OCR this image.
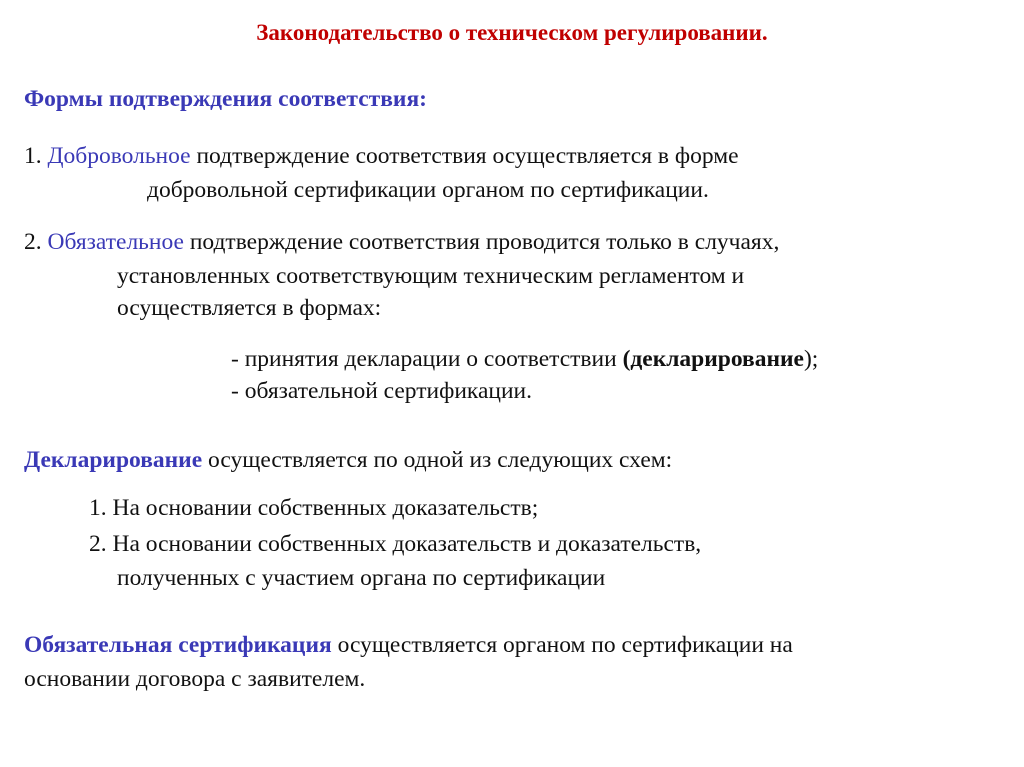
Законодательство о техническом регулировании.
Формы подтверждения соответствия:
1. Добровольное подтверждение соответствия осуществляется в форме
добровольной сертификации органом по сертификации.
2. Обязательное подтверждение соответствия проводится только в случаях,
установленных соответствующим техническим регламентом и
осуществляется в формах:
- принятия декларации о соответствии (декларирование);
- обязательной сертификации.
Декларирование осуществляется по одной из следующих схем:
1. На основании собственных доказательств;
2. На основании собственных доказательств и доказательств,
полученных с участием органа по сертификации
Обязательная сертификация осуществляется органом по сертификации на
основании договора с заявителем.
